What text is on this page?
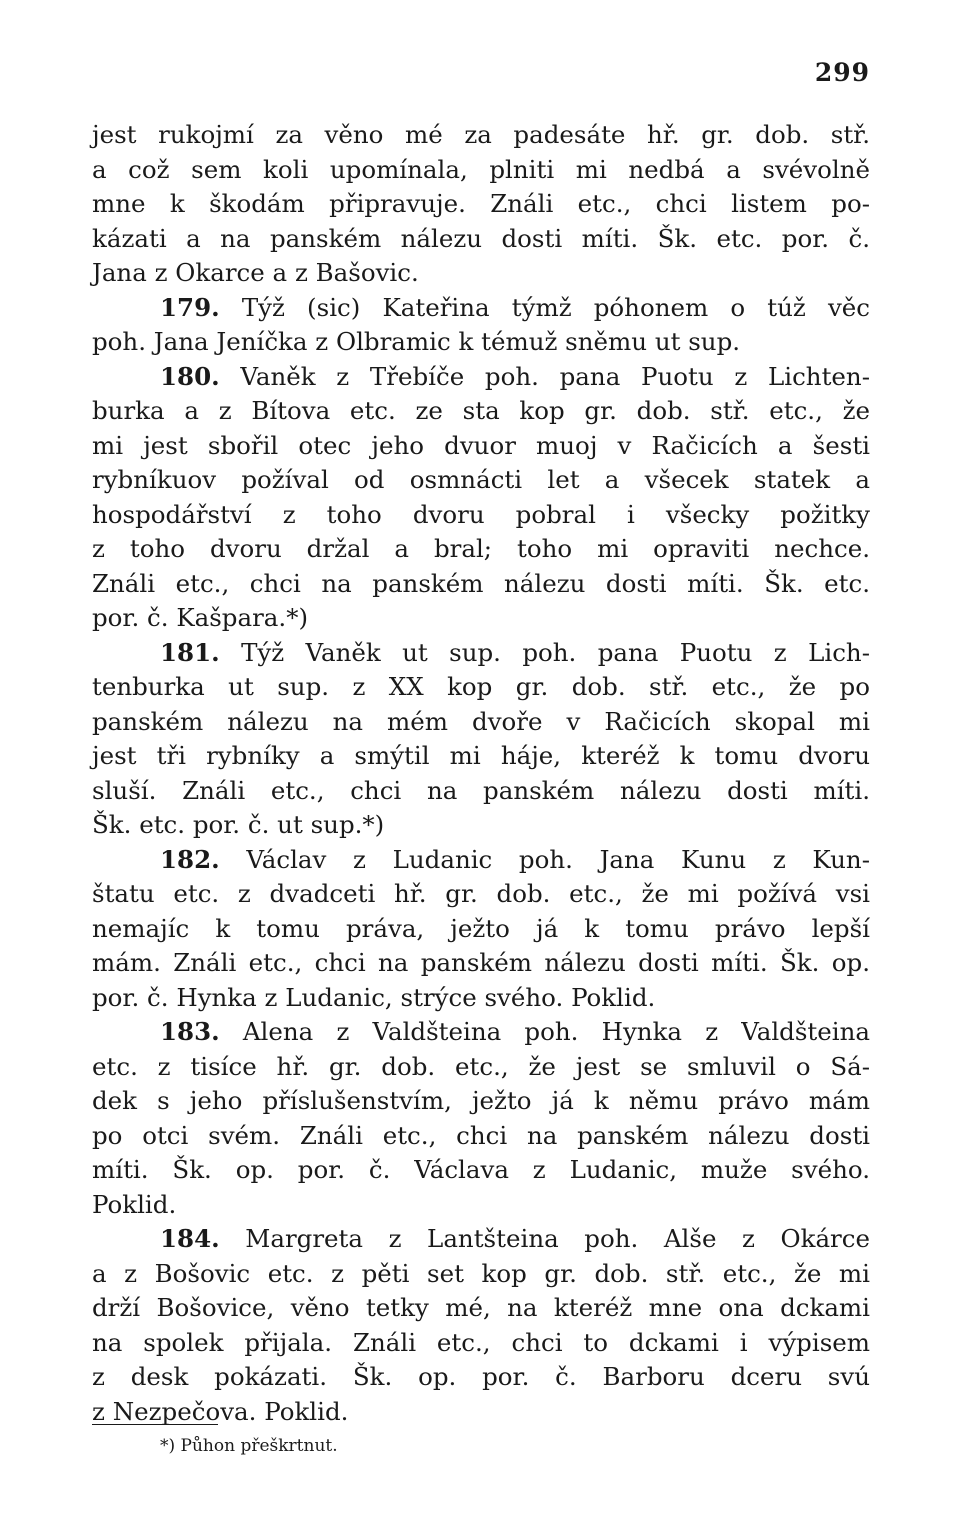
299
jest rukojmí za věno mé za padesáte hř. gr. dob. stř.
a což sem koli upomínala, plniti mi nedbá a svévolně
mne k škodám připravuje. Ználi etc., chci listem po-
kázati a na panském nálezu dosti míti. Šk. etc. por. č.
Jana z Okarce a z Bašovic.
179. Týž (sic) Kateřina týmž póhonem o túž věc
poh. Jana Jeníčka z Olbramic k témuž sněmu ut sup.
180. Vaněk z Třebíče poh. pana Puotu z Lichten-
burka a z Bítova etc. ze sta kop gr. dob. stř. etc., že
mi jest sbořil otec jeho dvuor muoj v Račicích a šesti
rybníkuov požíval od osmnácti let a všecek statek a
hospodářství z toho dvoru pobral i všecky požitky
z toho dvoru držal a bral; toho mi opraviti nechce.
Ználi etc., chci na panském nálezu dosti míti. Šk. etc.
por. č. Kašpara.*)
181. Týž Vaněk ut sup. poh. pana Puotu z Lich-
tenburka ut sup. z XX kop gr. dob. stř. etc., že po
panském nálezu na mém dvoře v Račicích skopal mi
jest tři rybníky a smýtil mi háje, kteréž k tomu dvoru
sluší. Ználi etc., chci na panském nálezu dosti míti.
Šk. etc. por. č. ut sup.*)
182. Václav z Ludanic poh. Jana Kunu z Kun-
štatu etc. z dvadceti hř. gr. dob. etc., že mi požívá vsi
nemajíc k tomu práva, ježto já k tomu právo lepší
mám. Ználi etc., chci na panském nálezu dosti míti. Šk. op.
por. č. Hynka z Ludanic, strýce svého. Poklid.
183. Alena z Valdšteina poh. Hynka z Valdšteina
etc. z tisíce hř. gr. dob. etc., že jest se smluvil o Sá-
dek s jeho příslušenstvím, ježto já k němu právo mám
po otci svém. Ználi etc., chci na panském nálezu dosti
míti. Šk. op. por. č. Václava z Ludanic, muže svého.
Poklid.
184. Margreta z Lantšteina poh. Alše z Okárce
a z Bošovic etc. z pěti set kop gr. dob. stř. etc., že mi
drží Bošovice, věno tetky mé, na kteréž mne ona dckami
na spolek přijala. Ználi etc., chci to dckami i výpisem
z desk pokázati. Šk. op. por. č. Barboru dceru svú
z Nezpečova. Poklid.
*) Půhon přeškrtnut.
